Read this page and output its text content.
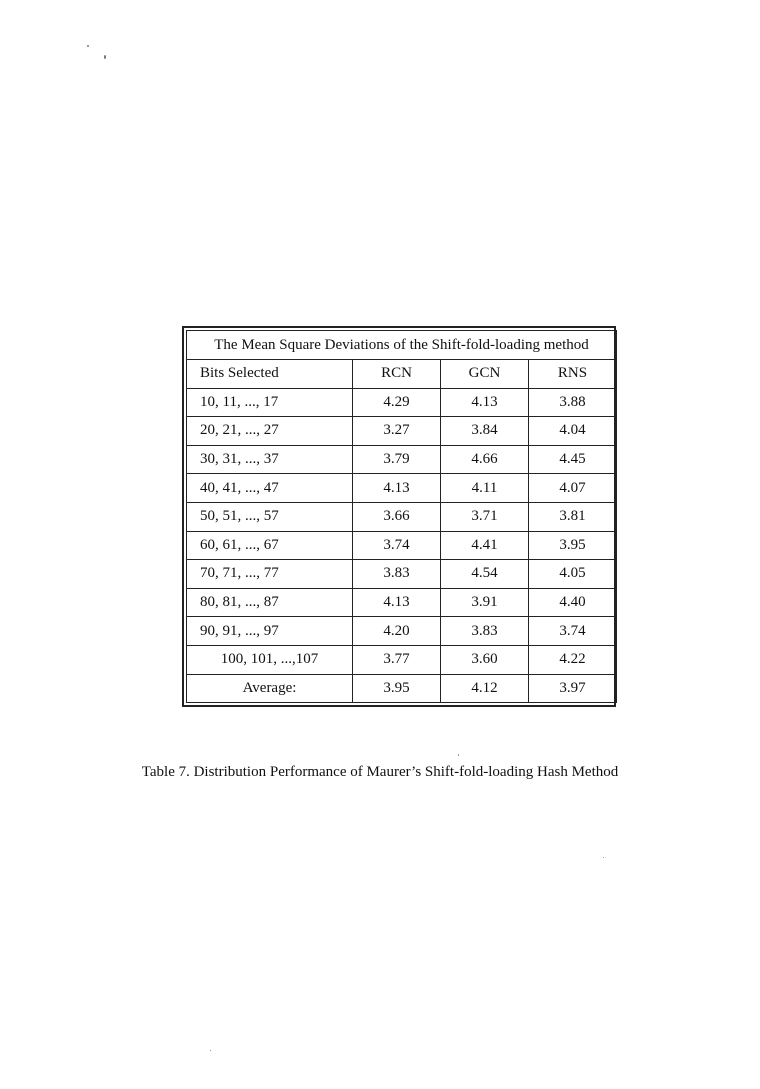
The Mean Square Deviations of the Shift-fold-loading method			
Bits Selected	RCN	GCN	RNS
10, 11, ..., 17	4.29	4.13	3.88
20, 21, ..., 27	3.27	3.84	4.04
30, 31, ..., 37	3.79	4.66	4.45
40, 41, ..., 47	4.13	4.11	4.07
50, 51, ..., 57	3.66	3.71	3.81
60, 61, ..., 67	3.74	4.41	3.95
70, 71, ..., 77	3.83	4.54	4.05
80, 81, ..., 87	4.13	3.91	4.40
90, 91, ..., 97	4.20	3.83	3.74
100, 101, ...,107	3.77	3.60	4.22
Average:	3.95	4.12	3.97
Table 7. Distribution Performance of Maurer’s Shift-fold-loading Hash Method
